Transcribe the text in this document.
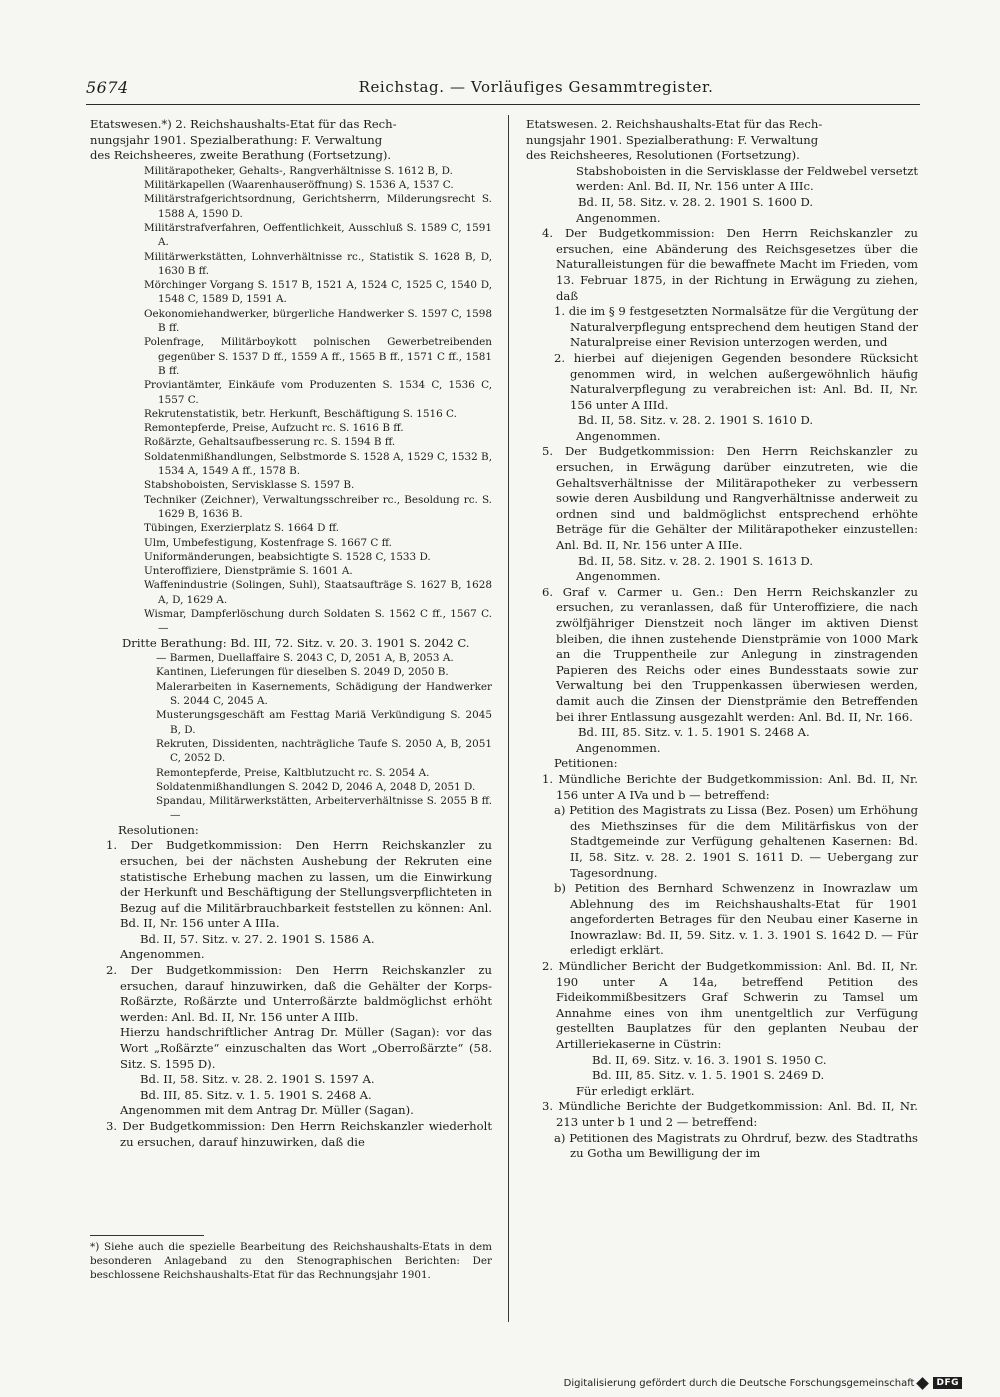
5674	Reichstag. — Vorläufiges Gesammtregister.

Etatswesen.*) 2. Reichshaushalts-Etat für das Rech-

nungsjahr 1901. Spezialberathung: F. Verwaltung

des Reichsheeres, zweite Berathung (Fortsetzung).

Militärapotheker, Gehalts-, Rangverhältnisse S. 1612 B, D.

Militärkapellen (Waarenhauseröffnung) S. 1536 A, 1537 C.

Militärstrafgerichtsordnung, Gerichtsherrn, Milderungsrecht S. 1588 A, 1590 D.

Militärstrafverfahren, Oeffentlichkeit, Ausschluß S. 1589 C, 1591 A.

Militärwerkstätten, Lohnverhältnisse rc., Statistik S. 1628 B, D, 1630 B ff.

Mörchinger Vorgang S. 1517 B, 1521 A, 1524 C, 1525 C, 1540 D, 1548 C, 1589 D, 1591 A.

Oekonomiehandwerker, bürgerliche Handwerker S. 1597 C, 1598 B ff.

Polenfrage, Militärboykott polnischen Gewerbetreibenden gegenüber S. 1537 D ff., 1559 A ff., 1565 B ff., 1571 C ff., 1581 B ff.

Proviantämter, Einkäufe vom Produzenten S. 1534 C, 1536 C, 1557 C.

Rekrutenstatistik, betr. Herkunft, Beschäftigung S. 1516 C.

Remontepferde, Preise, Aufzucht rc. S. 1616 B ff.

Roßärzte, Gehaltsaufbesserung rc. S. 1594 B ff.

Soldatenmißhandlungen, Selbstmorde S. 1528 A, 1529 C, 1532 B, 1534 A, 1549 A ff., 1578 B.

Stabshoboisten, Servisklasse S. 1597 B.

Techniker (Zeichner), Verwaltungsschreiber rc., Besoldung rc. S. 1629 B, 1636 B.

Tübingen, Exerzierplatz S. 1664 D ff.

Ulm, Umbefestigung, Kostenfrage S. 1667 C ff.

Uniformänderungen, beabsichtigte S. 1528 C, 1533 D.

Unteroffiziere, Dienstprämie S. 1601 A.

Waffenindustrie (Solingen, Suhl), Staatsaufträge S. 1627 B, 1628 A, D, 1629 A.

Wismar, Dampferlöschung durch Soldaten S. 1562 C ff., 1567 C. —

Dritte Berathung: Bd. III, 72. Sitz. v. 20. 3. 1901 S. 2042 C.

— Barmen, Duellaffaire S. 2043 C, D, 2051 A, B, 2053 A.

Kantinen, Lieferungen für dieselben S. 2049 D, 2050 B.

Malerarbeiten in Kasernements, Schädigung der Handwerker S. 2044 C, 2045 A.

Musterungsgeschäft am Festtag Mariä Verkündigung S. 2045 B, D.

Rekruten, Dissidenten, nachträgliche Taufe S. 2050 A, B, 2051 C, 2052 D.

Remontepferde, Preise, Kaltblutzucht rc. S. 2054 A.

Soldatenmißhandlungen S. 2042 D, 2046 A, 2048 D, 2051 D.

Spandau, Militärwerkstätten, Arbeiterverhältnisse S. 2055 B ff. —

Resolutionen:

1. Der Budgetkommission: Den Herrn Reichskanzler zu ersuchen, bei der nächsten Aushebung der Rekruten eine statistische Erhebung machen zu lassen, um die Einwirkung der Herkunft und Beschäftigung der Stellungsverpflichteten in Bezug auf die Militärbrauchbarkeit feststellen zu können: Anl. Bd. II, Nr. 156 unter A IIIa.

Bd. II, 57. Sitz. v. 27. 2. 1901 S. 1586 A.

Angenommen.

2. Der Budgetkommission: Den Herrn Reichskanzler zu ersuchen, darauf hinzuwirken, daß die Gehälter der Korps-Roßärzte, Roßärzte und Unterroßärzte baldmöglichst erhöht werden: Anl. Bd. II, Nr. 156 unter A IIIb.

Hierzu handschriftlicher Antrag Dr. Müller (Sagan): vor das Wort „Roßärzte“ einzuschalten das Wort „Oberroßärzte“ (58. Sitz. S. 1595 D).

Bd. II, 58. Sitz. v. 28. 2. 1901 S. 1597 A.

Bd. III, 85. Sitz. v. 1. 5. 1901 S. 2468 A.

Angenommen mit dem Antrag Dr. Müller (Sagan).

3. Der Budgetkommission: Den Herrn Reichskanzler wiederholt zu ersuchen, darauf hinzuwirken, daß die

*) Siehe auch die spezielle Bearbeitung des Reichshaushalts-Etats in dem besonderen Anlageband zu den Stenographischen Berichten: Der beschlossene Reichshaushalts-Etat für das Rechnungsjahr 1901.

Etatswesen. 2. Reichshaushalts-Etat für das Rech-

nungsjahr 1901. Spezialberathung: F. Verwaltung

des Reichsheeres, Resolutionen (Fortsetzung).

Stabshoboisten in die Servisklasse der Feldwebel versetzt werden: Anl. Bd. II, Nr. 156 unter A IIIc.

Bd. II, 58. Sitz. v. 28. 2. 1901 S. 1600 D.

Angenommen.

4. Der Budgetkommission: Den Herrn Reichskanzler zu ersuchen, eine Abänderung des Reichsgesetzes über die Naturalleistungen für die bewaffnete Macht im Frieden, vom 13. Februar 1875, in der Richtung in Erwägung zu ziehen, daß

1. die im § 9 festgesetzten Normalsätze für die Vergütung der Naturalverpflegung entsprechend dem heutigen Stand der Naturalpreise einer Revision unterzogen werden, und

2. hierbei auf diejenigen Gegenden besondere Rücksicht genommen wird, in welchen außergewöhnlich häufig Naturalverpflegung zu verabreichen ist: Anl. Bd. II, Nr. 156 unter A IIId.

Bd. II, 58. Sitz. v. 28. 2. 1901 S. 1610 D.

Angenommen.

5. Der Budgetkommission: Den Herrn Reichskanzler zu ersuchen, in Erwägung darüber einzutreten, wie die Gehaltsverhältnisse der Militärapotheker zu verbessern sowie deren Ausbildung und Rangverhältnisse anderweit zu ordnen sind und baldmöglichst entsprechend erhöhte Beträge für die Gehälter der Militärapotheker einzustellen: Anl. Bd. II, Nr. 156 unter A IIIe.

Bd. II, 58. Sitz. v. 28. 2. 1901 S. 1613 D.

Angenommen.

6. Graf v. Carmer u. Gen.: Den Herrn Reichskanzler zu ersuchen, zu veranlassen, daß für Unteroffiziere, die nach zwölfjähriger Dienstzeit noch länger im aktiven Dienst bleiben, die ihnen zustehende Dienstprämie von 1000 Mark an die Truppentheile zur Anlegung in zinstragenden Papieren des Reichs oder eines Bundesstaats sowie zur Verwaltung bei den Truppenkassen überwiesen werden, damit auch die Zinsen der Dienstprämie den Betreffenden bei ihrer Entlassung ausgezahlt werden: Anl. Bd. II, Nr. 166.

Bd. III, 85. Sitz. v. 1. 5. 1901 S. 2468 A.

Angenommen.

Petitionen:

1. Mündliche Berichte der Budgetkommission: Anl. Bd. II, Nr. 156 unter A IVa und b — betreffend:

a) Petition des Magistrats zu Lissa (Bez. Posen) um Erhöhung des Miethszinses für die dem Militärfiskus von der Stadtgemeinde zur Verfügung gehaltenen Kasernen: Bd. II, 58. Sitz. v. 28. 2. 1901 S. 1611 D. — Uebergang zur Tagesordnung.

b) Petition des Bernhard Schwenzenz in Inowrazlaw um Ablehnung des im Reichshaushalts-Etat für 1901 angeforderten Betrages für den Neubau einer Kaserne in Inowrazlaw: Bd. II, 59. Sitz. v. 1. 3. 1901 S. 1642 D. — Für erledigt erklärt.

2. Mündlicher Bericht der Budgetkommission: Anl. Bd. II, Nr. 190 unter A 14a, betreffend Petition des Fideikommißbesitzers Graf Schwerin zu Tamsel um Annahme eines von ihm unentgeltlich zur Verfügung gestellten Bauplatzes für den geplanten Neubau der Artilleriekaserne in Cüstrin:

Bd. II, 69. Sitz. v. 16. 3. 1901 S. 1950 C.

Bd. III, 85. Sitz. v. 1. 5. 1901 S. 2469 D.

Für erledigt erklärt.

3. Mündliche Berichte der Budgetkommission: Anl. Bd. II, Nr. 213 unter b 1 und 2 — betreffend:

a) Petitionen des Magistrats zu Ohrdruf, bezw. des Stadtraths zu Gotha um Bewilligung der im

Digitalisierung gefördert durch die Deutsche Forschungsgemeinschaft	DFG
